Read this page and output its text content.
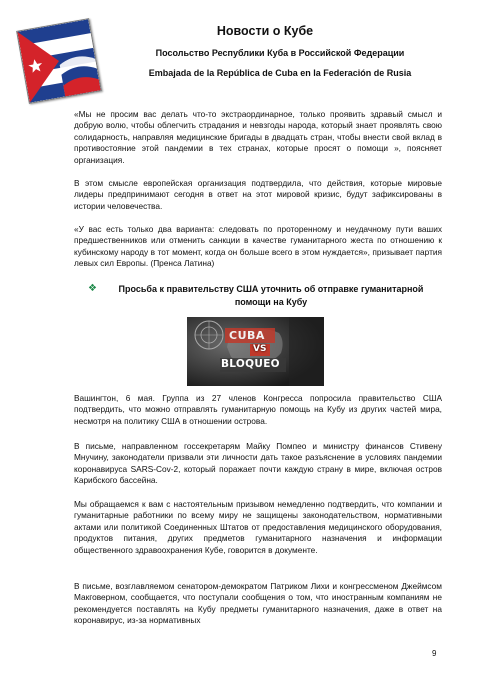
Новости о Кубе
Посольство Республики Куба в Российской Федерации
Embajada de la República de Cuba en la Federación de Rusia

«Мы не просим вас делать что-то экстраординарное, только проявить здравый смысл и добрую волю, чтобы облегчить страдания и невзгоды народа, который знает проявлять свою солидарность, направляя медицинские бригады в двадцать стран, чтобы внести свой вклад в противостояние этой пандемии в тех странах, которые просят о помощи », поясняет организация.

В этом смысле европейская организация подтвердила, что действия, которые мировые лидеры предпринимают сегодня в ответ на этот мировой кризис, будут зафиксированы в истории человечества.

«У вас есть только два варианта: следовать по проторенному и неудачному пути ваших предшественников или отменить санкции в качестве гуманитарного жеста по отношению к кубинскому народу в тот момент, когда он больше всего в этом нуждается», призывает партия левых сил Европы. (Пренса Латина)

❖	Просьба к правительству США уточнить об отправке гуманитарной помощи на Кубу
CUBA
VS
BLOQUEO

Вашингтон, 6 мая. Группа из 27 членов Конгресса попросила правительство США подтвердить, что можно отправлять гуманитарную помощь на Кубу из других частей мира, несмотря на политику США в отношении острова.

В письме, направленном госсекретарям Майку Помпео и министру финансов Стивену Мнучину, законодатели призвали эти личности дать такое разъяснение в условиях пандемии коронавируса SARS-Cov-2, который поражает почти каждую страну в мире, включая остров Карибского бассейна.

Мы обращаемся к вам с настоятельным призывом немедленно подтвердить, что компании и гуманитарные работники по всему миру не защищены законодательством, нормативными актами или политикой Соединенных Штатов от предоставления медицинского оборудования, продуктов питания, других предметов гуманитарного назначения и информации общественного здравоохранения Кубе, говорится в документе.

В письме, возглавляемом сенатором-демократом Патриком Лихи и конгрессменом Джеймсом Макговерном, сообщается, что поступали сообщения о том, что иностранным компаниям не рекомендуется поставлять на Кубу предметы гуманитарного назначения, даже в ответ на коронавирус, из-за нормативных

9
